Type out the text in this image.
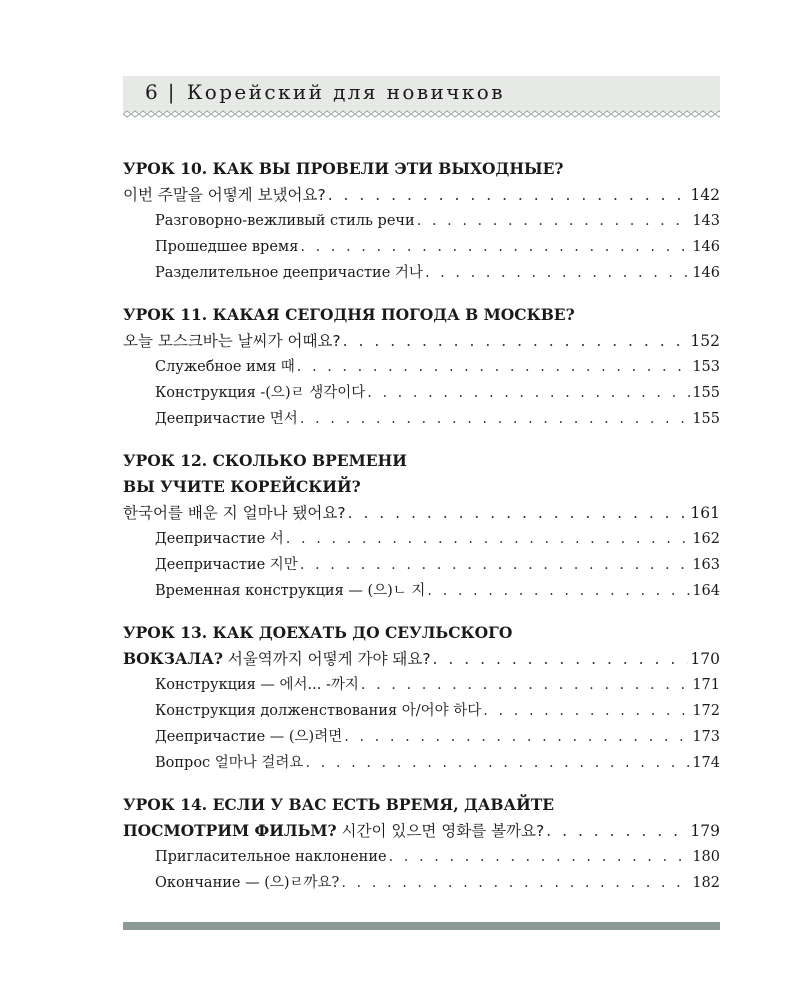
6 | Корейский для новичков
УРОК 10. КАК ВЫ ПРОВЕЛИ ЭТИ ВЫХОДНЫЕ?
이번 주말을 어떻게 보냈어요? . . .	142
Разговорно-вежливый стиль речи . . .	143
Прошедшее время . . .	146
Разделительное деепричастие 거나 . . .	146
УРОК 11. КАКАЯ СЕГОДНЯ ПОГОДА В МОСКВЕ?
오늘 모스크바는 날씨가 어때요? . . .	152
Служебное имя 때 . . .	153
Конструкция -(으)ㄹ 생각이다 . . .	155
Деепричастие 면서 . . .	155
УРОК 12. СКОЛЬКО ВРЕМЕНИ
ВЫ УЧИТЕ КОРЕЙСКИЙ?
한국어를 배운 지 얼마나 됐어요? . . .	161
Деепричастие 서 . . .	162
Деепричастие 지만 . . .	163
Временная конструкция — (으)ㄴ 지 . . .	164
УРОК 13. КАК ДОЕХАТЬ ДО СЕУЛЬСКОГО
ВОКЗАЛА? 서울역까지 어떻게 가야 돼요? . . .	170
Конструкция — 에서... -까지 . . .	171
Конструкция долженствования 아/어야 하다 . . .	172
Деепричастие — (으)려면 . . .	173
Вопрос 얼마나 걸려요 . . .	174
УРОК 14. ЕСЛИ У ВАС ЕСТЬ ВРЕМЯ, ДАВАЙТЕ
ПОСМОТРИМ ФИЛЬМ? 시간이 있으면 영화를 볼까요? . . .	179
Пригласительное наклонение . . .	180
Окончание — (으)ㄹ까요? . . .	182
